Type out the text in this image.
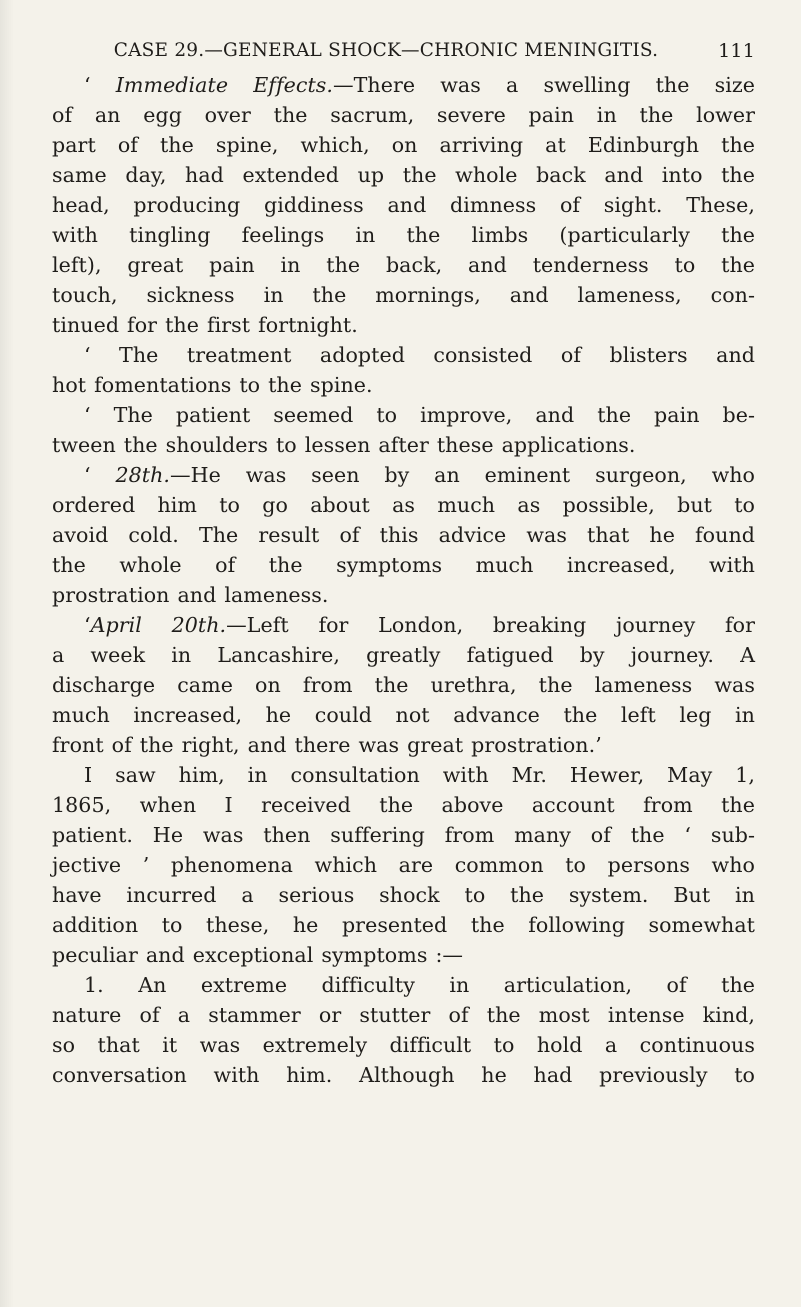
CASE 29.—GENERAL SHOCK—CHRONIC MENINGITIS.	111
‘ Immediate Effects.—There was a swelling the size
of an egg over the sacrum, severe pain in the lower
part of the spine, which, on arriving at Edinburgh the
same day, had extended up the whole back and into the
head, producing giddiness and dimness of sight. These,
with tingling feelings in the limbs (particularly the
left), great pain in the back, and tenderness to the
touch, sickness in the mornings, and lameness, con-
tinued for the first fortnight.
‘ The treatment adopted consisted of blisters and
hot fomentations to the spine.
‘ The patient seemed to improve, and the pain be-
tween the shoulders to lessen after these applications.
‘ 28th.—He was seen by an eminent surgeon, who
ordered him to go about as much as possible, but to
avoid cold. The result of this advice was that he found
the whole of the symptoms much increased, with
prostration and lameness.
‘April 20th.—Left for London, breaking journey for
a week in Lancashire, greatly fatigued by journey. A
discharge came on from the urethra, the lameness was
much increased, he could not advance the left leg in
front of the right, and there was great prostration.’
I saw him, in consultation with Mr. Hewer, May 1,
1865, when I received the above account from the
patient. He was then suffering from many of the ‘ sub-
jective ’ phenomena which are common to persons who
have incurred a serious shock to the system. But in
addition to these, he presented the following somewhat
peculiar and exceptional symptoms :—
1. An extreme difficulty in articulation, of the
nature of a stammer or stutter of the most intense kind,
so that it was extremely difficult to hold a continuous
conversation with him. Although he had previously to
